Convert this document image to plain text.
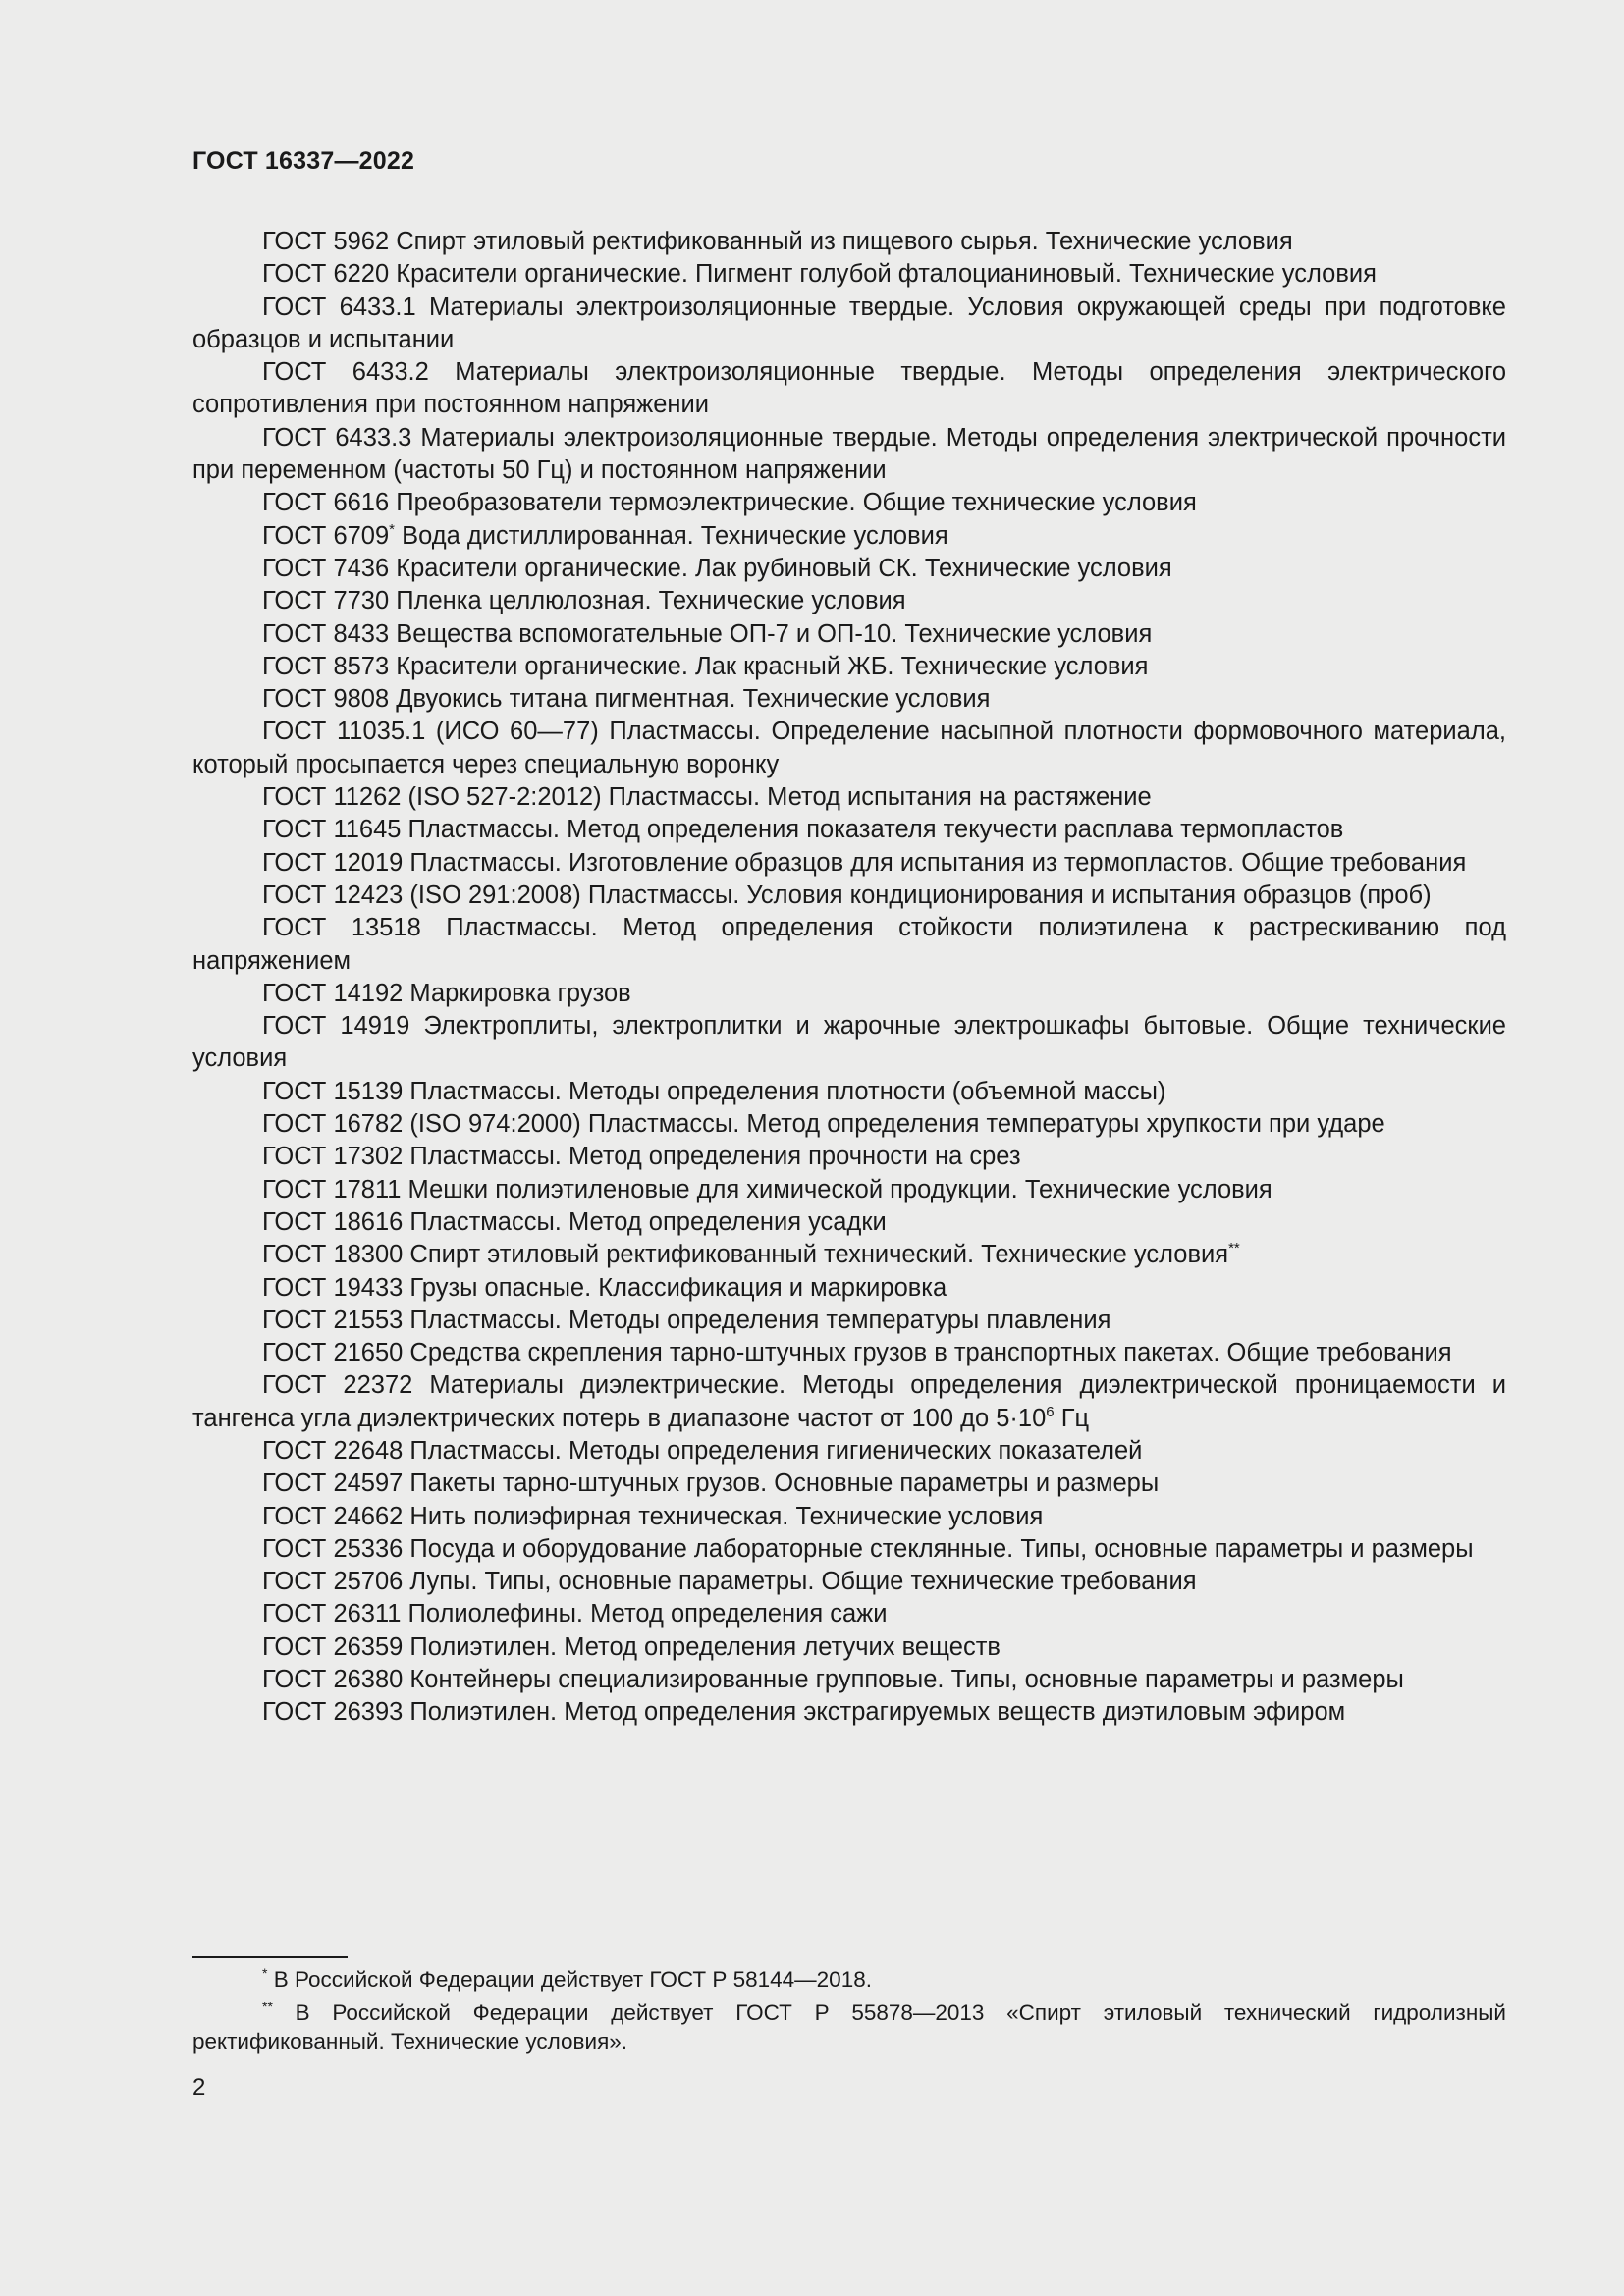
ГОСТ 16337—2022

ГОСТ 5962 Спирт этиловый ректификованный из пищевого сырья. Технические условия

ГОСТ 6220 Красители органические. Пигмент голубой фталоцианиновый. Технические условия

ГОСТ 6433.1 Материалы электроизоляционные твердые. Условия окружающей среды при подготовке образцов и испытании

ГОСТ 6433.2 Материалы электроизоляционные твердые. Методы определения электрического сопротивления при постоянном напряжении

ГОСТ 6433.3 Материалы электроизоляционные твердые. Методы определения электрической прочности при переменном (частоты 50 Гц) и постоянном напряжении

ГОСТ 6616 Преобразователи термоэлектрические. Общие технические условия

ГОСТ 6709* Вода дистиллированная. Технические условия

ГОСТ 7436 Красители органические. Лак рубиновый СК. Технические условия

ГОСТ 7730 Пленка целлюлозная. Технические условия

ГОСТ 8433 Вещества вспомогательные ОП-7 и ОП-10. Технические условия

ГОСТ 8573 Красители органические. Лак красный ЖБ. Технические условия

ГОСТ 9808 Двуокись титана пигментная. Технические условия

ГОСТ 11035.1 (ИСО 60—77) Пластмассы. Определение насыпной плотности формовочного материала, который просыпается через специальную воронку

ГОСТ 11262 (ISO 527-2:2012) Пластмассы. Метод испытания на растяжение

ГОСТ 11645 Пластмассы. Метод определения показателя текучести расплава термопластов

ГОСТ 12019 Пластмассы. Изготовление образцов для испытания из термопластов. Общие требования

ГОСТ 12423 (ISO 291:2008) Пластмассы. Условия кондиционирования и испытания образцов (проб)

ГОСТ 13518 Пластмассы. Метод определения стойкости полиэтилена к растрескиванию под напряжением

ГОСТ 14192 Маркировка грузов

ГОСТ 14919 Электроплиты, электроплитки и жарочные электрошкафы бытовые. Общие технические условия

ГОСТ 15139 Пластмассы. Методы определения плотности (объемной массы)

ГОСТ 16782 (ISO 974:2000) Пластмассы. Метод определения температуры хрупкости при ударе

ГОСТ 17302 Пластмассы. Метод определения прочности на срез

ГОСТ 17811 Мешки полиэтиленовые для химической продукции. Технические условия

ГОСТ 18616 Пластмассы. Метод определения усадки

ГОСТ 18300 Спирт этиловый ректификованный технический. Технические условия**

ГОСТ 19433 Грузы опасные. Классификация и маркировка

ГОСТ 21553 Пластмассы. Методы определения температуры плавления

ГОСТ 21650 Средства скрепления тарно-штучных грузов в транспортных пакетах. Общие требования

ГОСТ 22372 Материалы диэлектрические. Методы определения диэлектрической проницаемости и тангенса угла диэлектрических потерь в диапазоне частот от 100 до $5\cdot 10^6$ Гц

ГОСТ 22648 Пластмассы. Методы определения гигиенических показателей

ГОСТ 24597 Пакеты тарно-штучных грузов. Основные параметры и размеры

ГОСТ 24662 Нить полиэфирная техническая. Технические условия

ГОСТ 25336 Посуда и оборудование лабораторные стеклянные. Типы, основные параметры и размеры

ГОСТ 25706 Лупы. Типы, основные параметры. Общие технические требования

ГОСТ 26311 Полиолефины. Метод определения сажи

ГОСТ 26359 Полиэтилен. Метод определения летучих веществ

ГОСТ 26380 Контейнеры специализированные групповые. Типы, основные параметры и размеры

ГОСТ 26393 Полиэтилен. Метод определения экстрагируемых веществ диэтиловым эфиром

* В Российской Федерации действует ГОСТ Р 58144—2018.

** В Российской Федерации действует ГОСТ Р 55878—2013 «Спирт этиловый технический гидролизный ректификованный. Технические условия».

2
